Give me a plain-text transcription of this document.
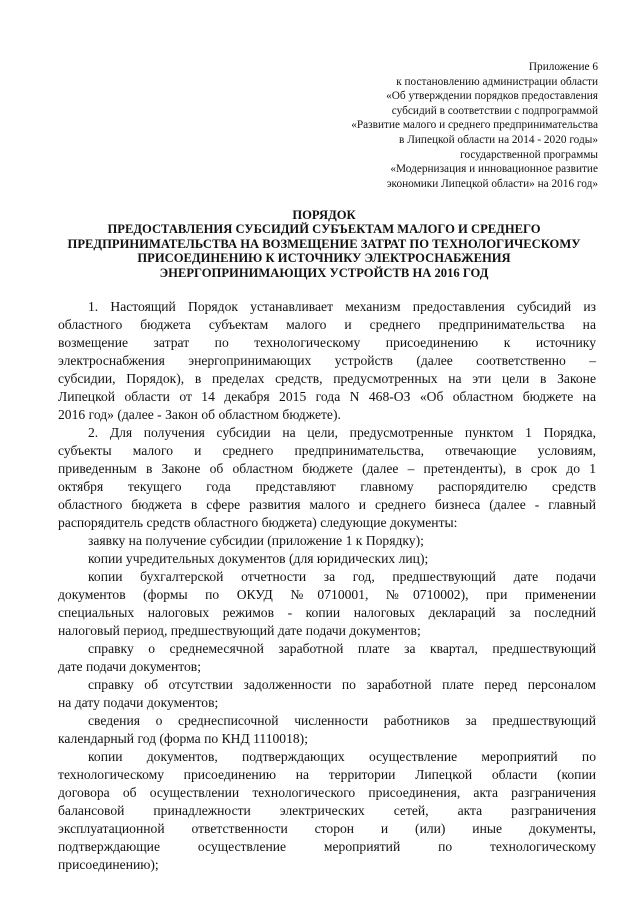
Приложение 6
к постановлению администрации области
«Об утверждении порядков предоставления
субсидий в соответствии с подпрограммой
«Развитие малого и среднего предпринимательства
в Липецкой области на 2014 - 2020 годы»
государственной программы
«Модернизация и инновационное развитие
экономики Липецкой области» на 2016 год»
ПОРЯДОК
ПРЕДОСТАВЛЕНИЯ СУБСИДИЙ СУБЪЕКТАМ МАЛОГО И СРЕДНЕГО
ПРЕДПРИНИМАТЕЛЬСТВА НА ВОЗМЕЩЕНИЕ ЗАТРАТ ПО ТЕХНОЛОГИЧЕСКОМУ
ПРИСОЕДИНЕНИЮ К ИСТОЧНИКУ ЭЛЕКТРОСНАБЖЕНИЯ
ЭНЕРГОПРИНИМАЮЩИХ УСТРОЙСТВ НА 2016 ГОД
1. Настоящий Порядок устанавливает механизм предоставления субсидий из
областного бюджета субъектам малого и среднего предпринимательства на
возмещение затрат по технологическому присоединению к источнику
электроснабжения энергопринимающих устройств (далее соответственно –
субсидии, Порядок), в пределах средств, предусмотренных на эти цели в Законе
Липецкой области от 14 декабря 2015 года N 468-ОЗ «Об областном бюджете на
2016 год» (далее - Закон об областном бюджете).
2. Для получения субсидии на цели, предусмотренные пунктом 1 Порядка,
субъекты малого и среднего предпринимательства, отвечающие условиям,
приведенным в Законе об областном бюджете (далее – претенденты), в срок до 1
октября текущего года представляют главному распорядителю средств
областного бюджета в сфере развития малого и среднего бизнеса (далее - главный
распорядитель средств областного бюджета) следующие документы:
заявку на получение субсидии (приложение 1 к Порядку);
копии учредительных документов (для юридических лиц);
копии бухгалтерской отчетности за год, предшествующий дате подачи
документов (формы по ОКУД №0710001, №0710002), при применении
специальных налоговых режимов - копии налоговых деклараций за последний
налоговый период, предшествующий дате подачи документов;
справку о среднемесячной заработной плате за квартал, предшествующий
дате подачи документов;
справку об отсутствии задолженности по заработной плате перед персоналом
на дату подачи документов;
сведения о среднесписочной численности работников за предшествующий
календарный год (форма по КНД 1110018);
копии документов, подтверждающих осуществление мероприятий по
технологическому присоединению на территории Липецкой области (копии
договора об осуществлении технологического присоединения, акта разграничения
балансовой принадлежности электрических сетей, акта разграничения
эксплуатационной ответственности сторон и (или) иные документы,
подтверждающие осуществление мероприятий по технологическому
присоединению);
